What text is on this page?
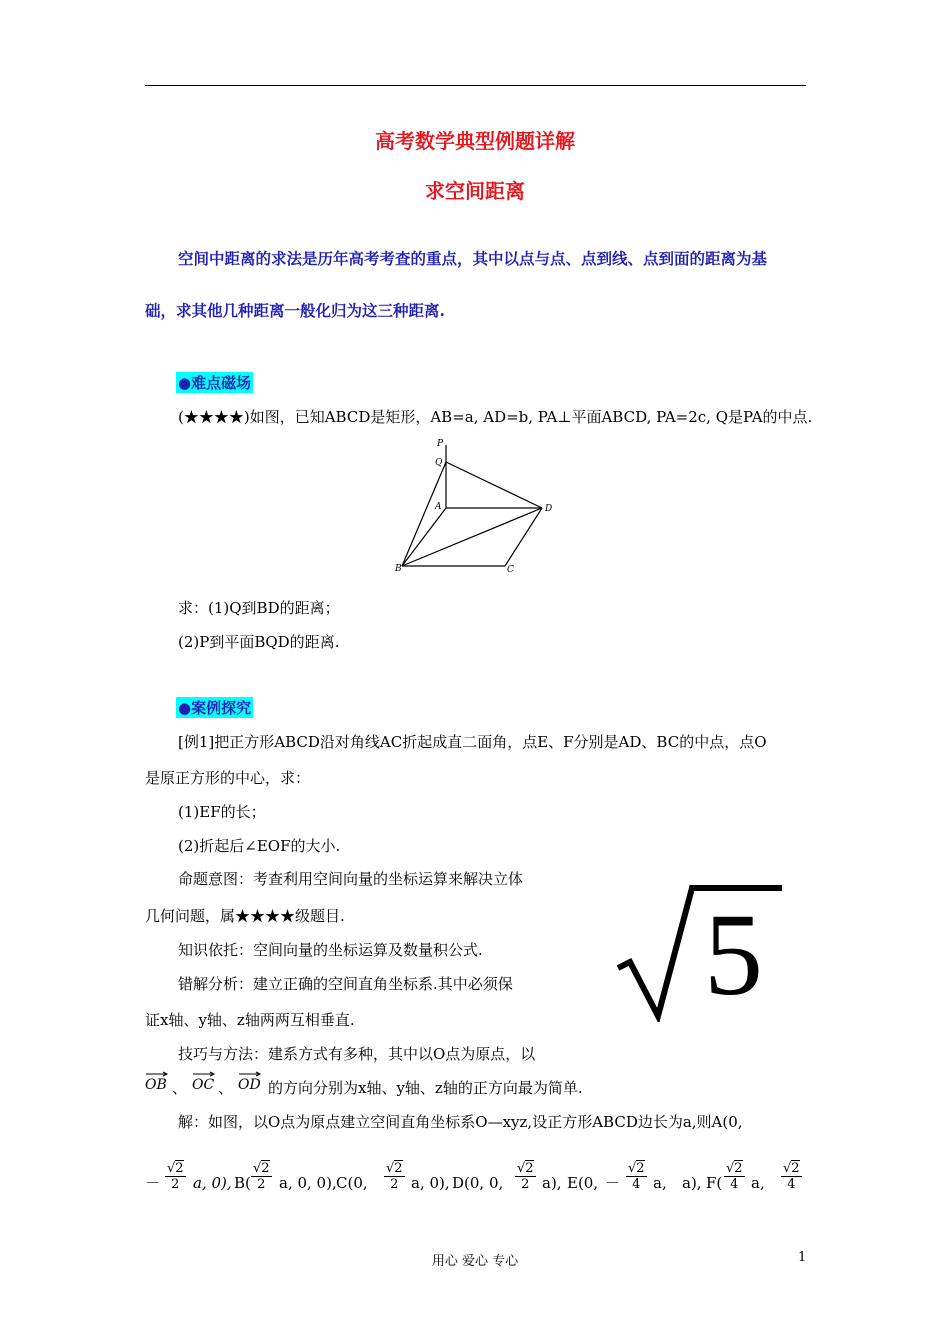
高考数学典型例题详解
求空间距离
空间中距离的求法是历年高考考查的重点，其中以点与点、点到线、点到面的距离为基
础，求其他几种距离一般化归为这三种距离.
●难点磁场
(★★★★)如图，已知ABCD是矩形，AB=a, AD=b, PA⊥平面ABCD, PA=2c, Q是PA的中点.
P
Q
A	D
B	C
求：(1)Q到BD的距离；
(2)P到平面BQD的距离.
●案例探究
[例1]把正方形ABCD沿对角线AC折起成直二面角，点E、F分别是AD、BC的中点，点O
是原正方形的中心，求：
(1)EF的长；
(2)折起后∠EOF的大小.
命题意图：考查利用空间向量的坐标运算来解决立体
几何问题，属★★★★级题目.
知识依托：空间向量的坐标运算及数量积公式.
错解分析：建立正确的空间直角坐标系.其中必须保
证x轴、y轴、z轴两两互相垂直.
技巧与方法：建系方式有多种，其中以O点为原点，以
OB 、 OC 、 OD 的方向分别为x轴、y轴、z轴的正方向最为简单.
解：如图，以O点为原点建立空间直角坐标系O—xyz,设正方形ABCD边长为a,则A(0,
5
－ $\frac{√2}{2} a$, 0), $B( \frac{√2}{2} a$, 0, 0), C(0, $\frac{√2}{2} a$, 0), D(0, 0, $\frac{√2}{2} a$), E(0, － $\frac{√2}{4} a$, a), $F( \frac{√2}{4} a$, $\frac{√2}{4}$
用心 爱心 专心	1
